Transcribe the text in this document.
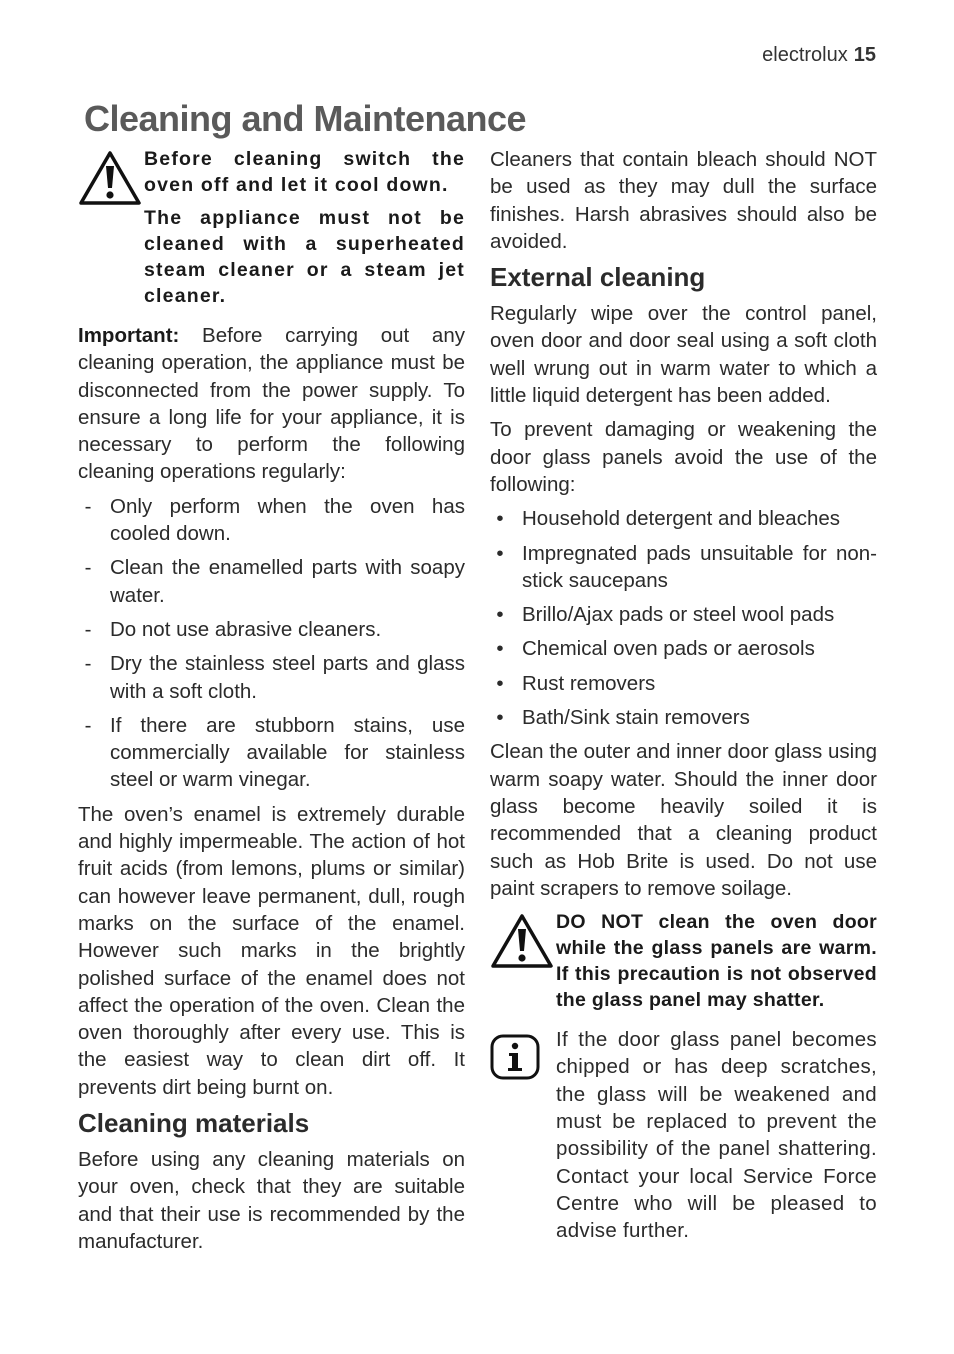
electrolux 15
Cleaning and Maintenance

Before cleaning switch the oven off and let it cool down.

The appliance must not be cleaned with a superheated steam cleaner or a steam jet cleaner.

Important: Before carrying out any cleaning operation, the appliance must be disconnected from the power supply. To ensure a long life for your appliance, it is necessary to perform the following cleaning operations regularly:

- Only perform when the oven has cooled down.
- Clean the enamelled parts with soapy water.
- Do not use abrasive cleaners.
- Dry the stainless steel parts and glass with a soft cloth.
- If there are stubborn stains, use commercially available for stainless steel or warm vinegar.

The oven’s enamel is extremely durable and highly impermeable. The action of hot fruit acids (from lemons, plums or similar) can however leave permanent, dull, rough marks on the surface of the enamel. However such marks in the brightly polished surface of the enamel does not affect the operation of the oven. Clean the oven thoroughly after every use. This is the easiest way to clean dirt off. It prevents dirt being burnt on.

Cleaning materials

Before using any cleaning materials on your oven, check that they are suitable and that their use is recommended by the manufacturer.

Cleaners that contain bleach should NOT be used as they may dull the surface finishes. Harsh abrasives should also be avoided.

External cleaning

Regularly wipe over the control panel, oven door and door seal using a soft cloth well wrung out in warm water to which a little liquid detergent has been added.

To prevent damaging or weakening the door glass panels avoid the use of the following:

• Household detergent and bleaches
• Impregnated pads unsuitable for non-stick saucepans
• Brillo/Ajax pads or steel wool pads
• Chemical oven pads or aerosols
• Rust removers
• Bath/Sink stain removers

Clean the outer and inner door glass using warm soapy water. Should the inner door glass become heavily soiled it is recommended that a cleaning product such as Hob Brite is used. Do not use paint scrapers to remove soilage.

DO NOT clean the oven door while the glass panels are warm. If this precaution is not observed the glass panel may shatter.

If the door glass panel becomes chipped or has deep scratches, the glass will be weakened and must be replaced to prevent the possibility of the panel shattering. Contact your local Service Force Centre who will be pleased to advise further.
